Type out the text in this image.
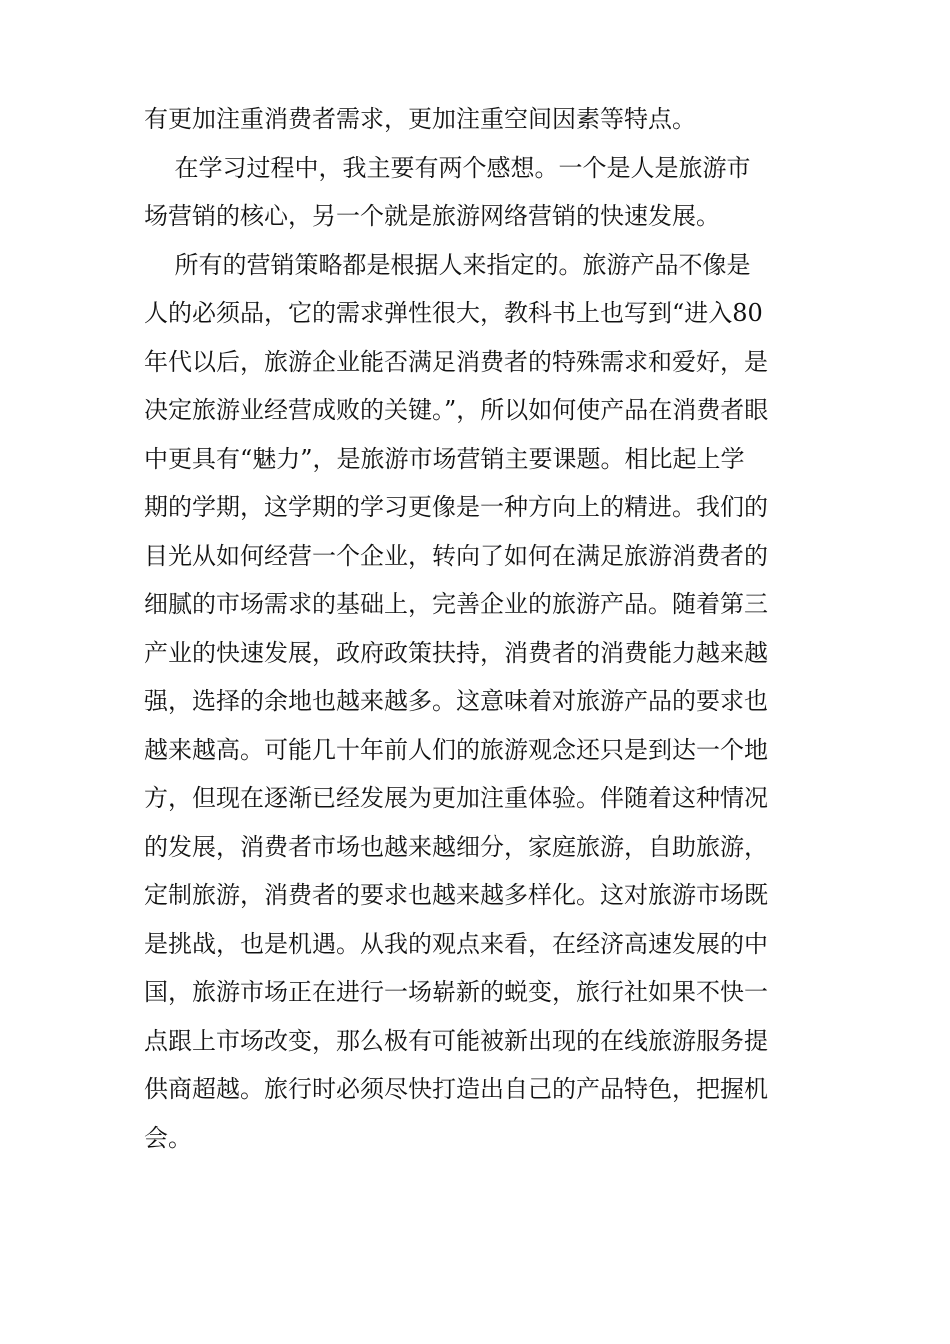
有更加注重消费者需求，更加注重空间因素等特点。
在学习过程中，我主要有两个感想。一个是人是旅游市
场营销的核心，另一个就是旅游网络营销的快速发展。
所有的营销策略都是根据人来指定的。旅游产品不像是
人的必须品，它的需求弹性很大，教科书上也写到“进入80
年代以后，旅游企业能否满足消费者的特殊需求和爱好，是
决定旅游业经营成败的关键。”，所以如何使产品在消费者眼
中更具有“魅力”，是旅游市场营销主要课题。相比起上学
期的学期，这学期的学习更像是一种方向上的精进。我们的
目光从如何经营一个企业，转向了如何在满足旅游消费者的
细腻的市场需求的基础上，完善企业的旅游产品。随着第三
产业的快速发展，政府政策扶持，消费者的消费能力越来越
强，选择的余地也越来越多。这意味着对旅游产品的要求也
越来越高。可能几十年前人们的旅游观念还只是到达一个地
方，但现在逐渐已经发展为更加注重体验。伴随着这种情况
的发展，消费者市场也越来越细分，家庭旅游，自助旅游，
定制旅游，消费者的要求也越来越多样化。这对旅游市场既
是挑战，也是机遇。从我的观点来看，在经济高速发展的中
国，旅游市场正在进行一场崭新的蜕变，旅行社如果不快一
点跟上市场改变，那么极有可能被新出现的在线旅游服务提
供商超越。旅行时必须尽快打造出自己的产品特色，把握机
会。
